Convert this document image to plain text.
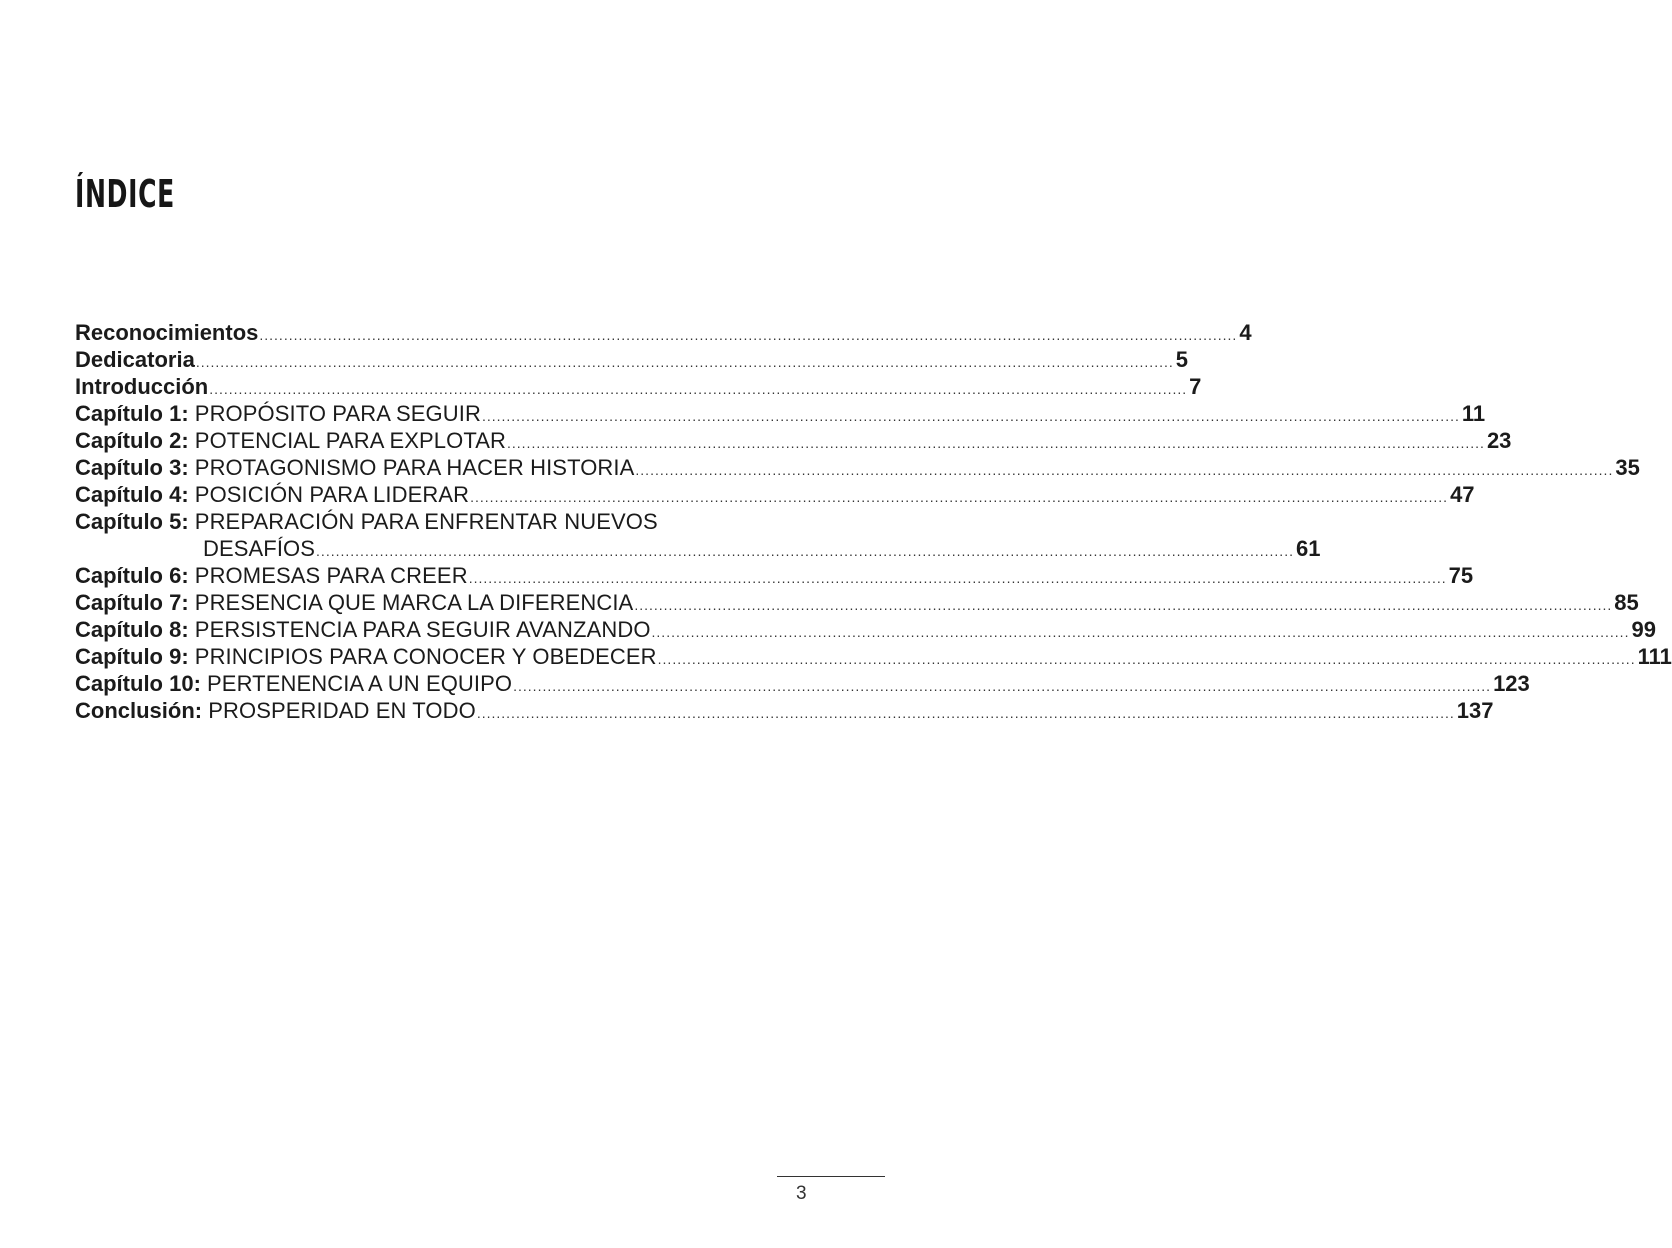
ÍNDICE
Reconocimientos ........................................................................................................................................................................................................ 4
Dedicatoria ........................................................................................................................................................................................................ 5
Introducción ........................................................................................................................................................................................................ 7
Capítulo 1:
PROPÓSITO PARA SEGUIR ........................................................................................................................................................................................................ 11
Capítulo 2:
POTENCIAL PARA EXPLOTAR ........................................................................................................................................................................................................ 23
Capítulo 3:
PROTAGONISMO PARA HACER HISTORIA ........................................................................................................................................................................................................ 35
Capítulo 4:
POSICIÓN PARA LIDERAR ........................................................................................................................................................................................................ 47
Capítulo 5:
PREPARACIÓN PARA ENFRENTAR NUEVOS
DESAFÍOS ........................................................................................................................................................................................................ 61
Capítulo 6:
PROMESAS PARA CREER ........................................................................................................................................................................................................ 75
Capítulo 7:
PRESENCIA QUE MARCA LA DIFERENCIA ........................................................................................................................................................................................................ 85
Capítulo 8:
PERSISTENCIA PARA SEGUIR AVANZANDO ........................................................................................................................................................................................................ 99
Capítulo 9:
PRINCIPIOS PARA CONOCER Y OBEDECER ........................................................................................................................................................................................................ 111
Capítulo 10:
PERTENENCIA A UN EQUIPO ........................................................................................................................................................................................................ 123
Conclusión:
PROSPERIDAD EN TODO ........................................................................................................................................................................................................ 137
3
